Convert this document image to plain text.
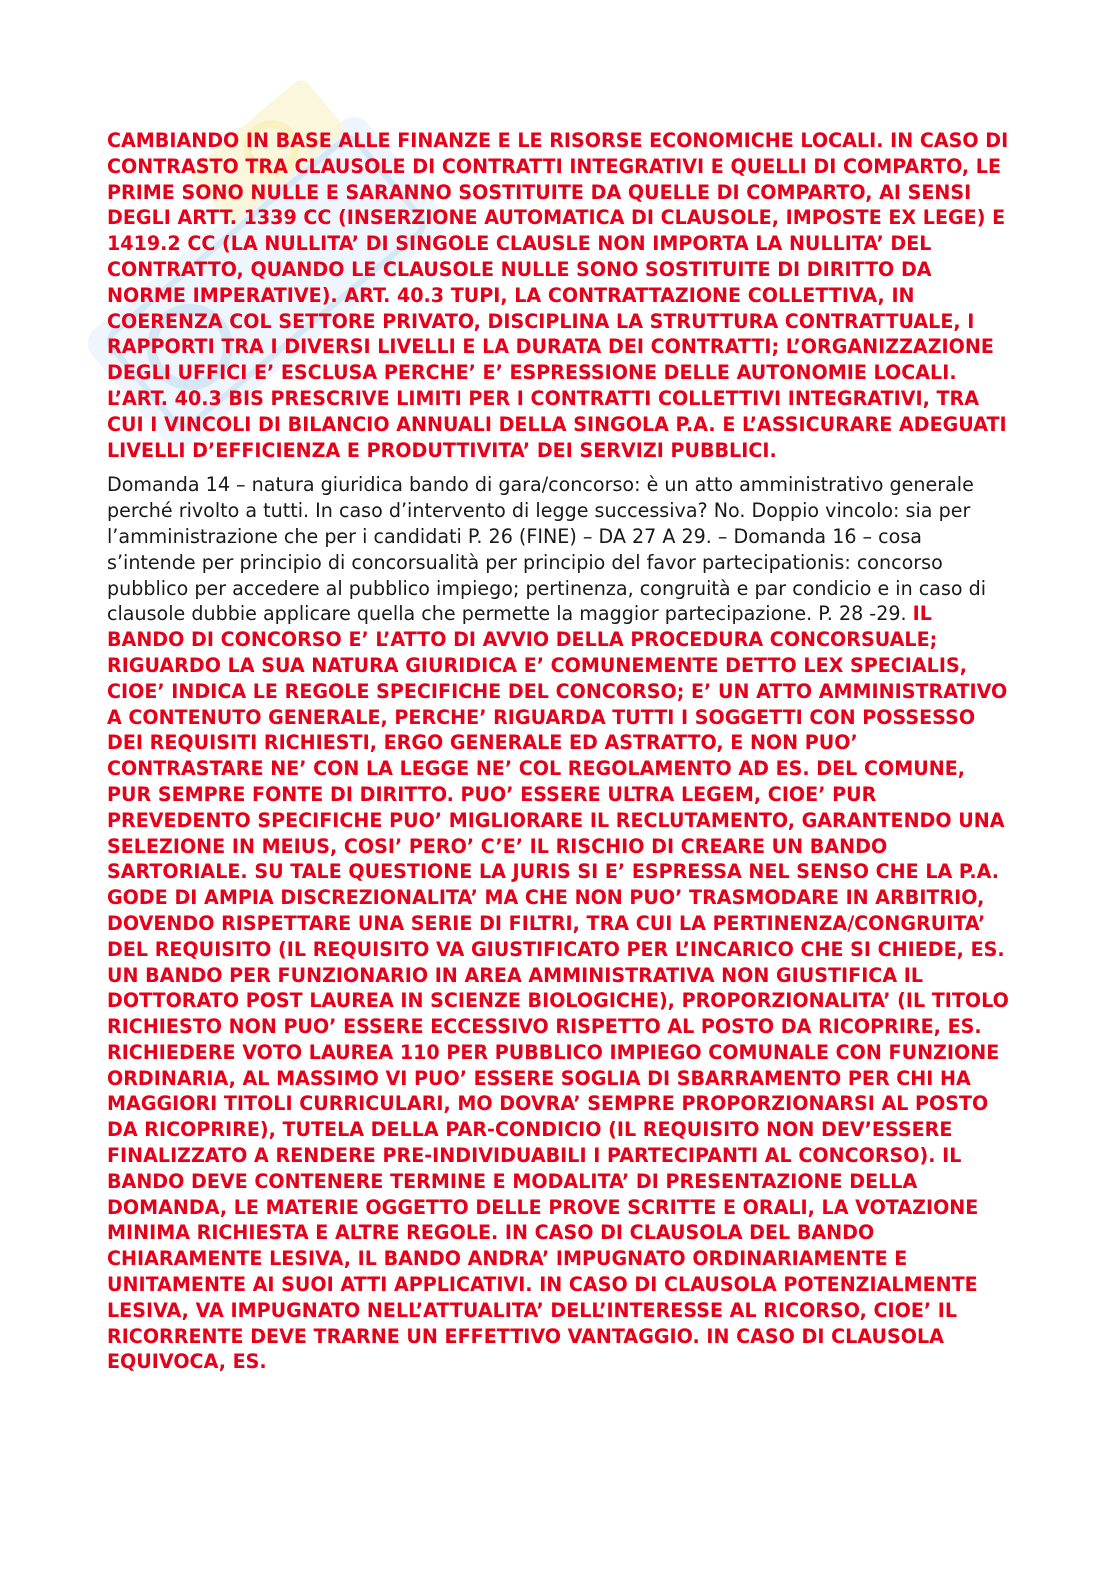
CAMBIANDO IN BASE ALLE FINANZE E LE RISORSE ECONOMICHE LOCALI. IN CASO DI CONTRASTO TRA CLAUSOLE DI CONTRATTI INTEGRATIVI E QUELLI DI COMPARTO, LE PRIME SONO NULLE E SARANNO SOSTITUITE DA QUELLE DI COMPARTO, AI SENSI DEGLI ARTT. 1339 CC (INSERZIONE AUTOMATICA DI CLAUSOLE, IMPOSTE EX LEGE) E 1419.2 CC (LA NULLITA’ DI SINGOLE CLAUSLE NON IMPORTA LA NULLITA’ DEL CONTRATTO, QUANDO LE CLAUSOLE NULLE SONO SOSTITUITE DI DIRITTO DA NORME IMPERATIVE). ART. 40.3 TUPI, LA CONTRATTAZIONE COLLETTIVA, IN COERENZA COL SETTORE PRIVATO, DISCIPLINA LA STRUTTURA CONTRATTUALE, I RAPPORTI TRA I DIVERSI LIVELLI E LA DURATA DEI CONTRATTI; L’ORGANIZZAZIONE DEGLI UFFICI E’ ESCLUSA PERCHE’ E’ ESPRESSIONE DELLE AUTONOMIE LOCALI. L’ART. 40.3 BIS PRESCRIVE LIMITI PER I CONTRATTI COLLETTIVI INTEGRATIVI, TRA CUI I VINCOLI DI BILANCIO ANNUALI DELLA SINGOLA P.A. E L’ASSICURARE ADEGUATI LIVELLI D’EFFICIENZA E PRODUTTIVITA’ DEI SERVIZI PUBBLICI.

Domanda 14 – natura giuridica bando di gara/concorso: è un atto amministrativo generale perché rivolto a tutti. In caso d’intervento di legge successiva? No. Doppio vincolo: sia per l’amministrazione che per i candidati P. 26 (FINE) – DA 27 A 29. – Domanda 16 – cosa s’intende per principio di concorsualità per principio del favor partecipationis: concorso pubblico per accedere al pubblico impiego; pertinenza, congruità e par condicio e in caso di clausole dubbie applicare quella che permette la maggior partecipazione. P. 28 -29. IL BANDO DI CONCORSO E’ L’ATTO DI AVVIO DELLA PROCEDURA CONCORSUALE; RIGUARDO LA SUA NATURA GIURIDICA E’ COMUNEMENTE DETTO LEX SPECIALIS, CIOE’ INDICA LE REGOLE SPECIFICHE DEL CONCORSO; E’ UN ATTO AMMINISTRATIVO A CONTENUTO GENERALE, PERCHE’ RIGUARDA TUTTI I SOGGETTI CON POSSESSO DEI REQUISITI RICHIESTI, ERGO GENERALE ED ASTRATTO, E NON PUO’ CONTRASTARE NE’ CON LA LEGGE NE’ COL REGOLAMENTO AD ES. DEL COMUNE, PUR SEMPRE FONTE DI DIRITTO. PUO’ ESSERE ULTRA LEGEM, CIOE’ PUR PREVEDENTO SPECIFICHE PUO’ MIGLIORARE IL RECLUTAMENTO, GARANTENDO UNA SELEZIONE IN MEIUS, COSI’ PERO’ C’E’ IL RISCHIO DI CREARE UN BANDO SARTORIALE. SU TALE QUESTIONE LA JURIS SI E’ ESPRESSA NEL SENSO CHE LA P.A. GODE DI AMPIA DISCREZIONALITA’ MA CHE NON PUO’ TRASMODARE IN ARBITRIO, DOVENDO RISPETTARE UNA SERIE DI FILTRI, TRA CUI LA PERTINENZA/CONGRUITA’ DEL REQUISITO (IL REQUISITO VA GIUSTIFICATO PER L’INCARICO CHE SI CHIEDE, ES. UN BANDO PER FUNZIONARIO IN AREA AMMINISTRATIVA NON GIUSTIFICA IL DOTTORATO POST LAUREA IN SCIENZE BIOLOGICHE), PROPORZIONALITA’ (IL TITOLO RICHIESTO NON PUO’ ESSERE ECCESSIVO RISPETTO AL POSTO DA RICOPRIRE, ES. RICHIEDERE VOTO LAUREA 110 PER PUBBLICO IMPIEGO COMUNALE CON FUNZIONE ORDINARIA, AL MASSIMO VI PUO’ ESSERE SOGLIA DI SBARRAMENTO PER CHI HA MAGGIORI TITOLI CURRICULARI, MO DOVRA’ SEMPRE PROPORZIONARSI AL POSTO DA RICOPRIRE), TUTELA DELLA PAR-CONDICIO (IL REQUISITO NON DEV’ESSERE FINALIZZATO A RENDERE PRE-INDIVIDUABILI I PARTECIPANTI AL CONCORSO). IL BANDO DEVE CONTENERE TERMINE E MODALITA’ DI PRESENTAZIONE DELLA DOMANDA, LE MATERIE OGGETTO DELLE PROVE SCRITTE E ORALI, LA VOTAZIONE MINIMA RICHIESTA E ALTRE REGOLE. IN CASO DI CLAUSOLA DEL BANDO CHIARAMENTE LESIVA, IL BANDO ANDRA’ IMPUGNATO ORDINARIAMENTE E UNITAMENTE AI SUOI ATTI APPLICATIVI. IN CASO DI CLAUSOLA POTENZIALMENTE LESIVA, VA IMPUGNATO NELL’ATTUALITA’ DELL’INTERESSE AL RICORSO, CIOE’ IL RICORRENTE DEVE TRARNE UN EFFETTIVO VANTAGGIO. IN CASO DI CLAUSOLA EQUIVOCA, ES.
